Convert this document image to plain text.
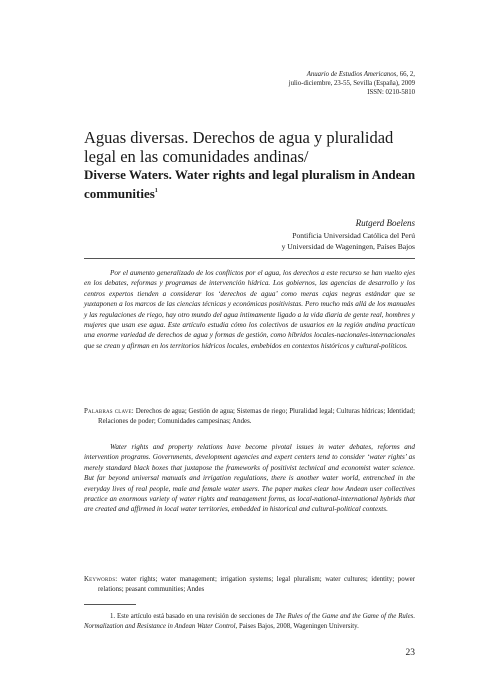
Anuario de Estudios Americanos, 66, 2,
julio-diciembre, 23-55, Sevilla (España), 2009
ISSN: 0210-5810
Aguas diversas. Derechos de agua y pluralidad legal en las comunidades andinas/
Diverse Waters. Water rights and legal pluralism in Andean communities$^1$
Rutgerd Boelens
Pontificia Universidad Católica del Perú
y Universidad de Wageningen, Países Bajos

Por el aumento generalizado de los conflictos por el agua, los derechos a este recurso se han vuelto ejes en los debates, reformas y programas de intervención hídrica. Los gobiernos, las agencias de desarrollo y los centros expertos tienden a considerar los ‘derechos de agua’ como meras cajas negras estándar que se yuxtaponen a los marcos de las ciencias técnicas y económicas positivistas. Pero mucho más allá de los manuales y las regulaciones de riego, hay otro mundo del agua íntimamente ligado a la vida diaria de gente real, hombres y mujeres que usan ese agua. Este artículo estudia cómo los colectivos de usuarios en la región andina practican una enorme variedad de derechos de agua y formas de gestión, como híbridos locales-nacionales-internacionales que se crean y afirman en los territorios hídricos locales, embebidos en contextos históricos y cultural-políticos.

Palabras clave: Derechos de agua; Gestión de agua; Sistemas de riego; Pluralidad legal; Culturas hídricas; Identidad; Relaciones de poder; Comunidades campesinas; Andes.

Water rights and property relations have become pivotal issues in water debates, reforms and intervention programs. Governments, development agencies and expert centers tend to consider ‘water rights’ as merely standard black boxes that juxtapose the frameworks of positivist technical and economist water science. But far beyond universal manuals and irrigation regulations, there is another water world, entrenched in the everyday lives of real people, male and female water users. The paper makes clear how Andean user collectives practice an enormous variety of water rights and management forms, as local-national-international hybrids that are created and affirmed in local water territories, embedded in historical and cultural-political contexts.

Keywords: water rights; water management; irrigation systems; legal pluralism; water cultures; identity; power relations; peasant communities; Andes

1. Este artículo está basado en una revisión de secciones de The Rules of the Game and the Game of the Rules. Normalization and Resistance in Andean Water Control, Paises Bajos, 2008, Wageningen University.

23
